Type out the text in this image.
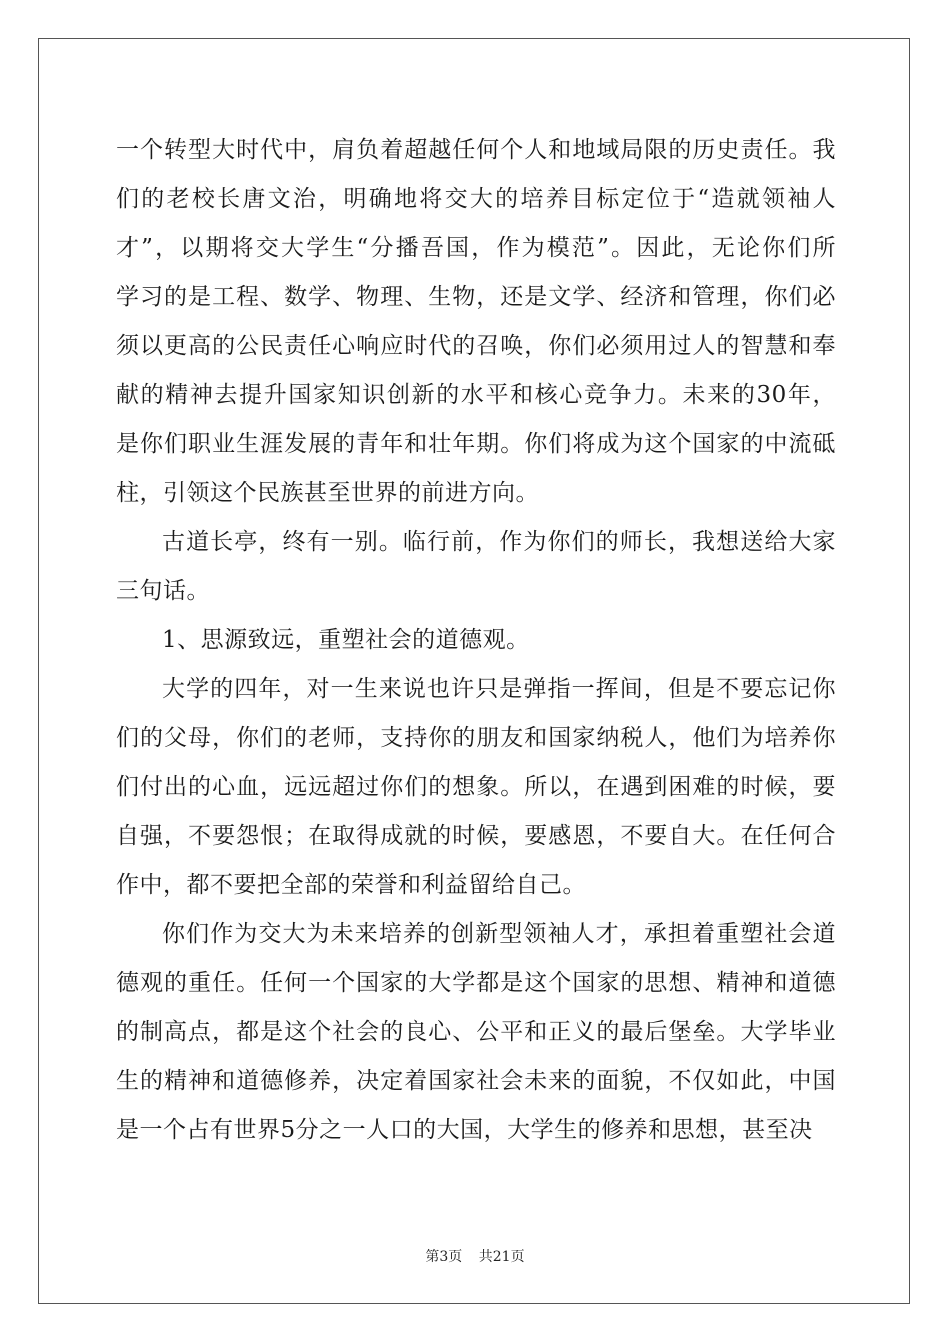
一个转型大时代中，肩负着超越任何个人和地域局限的历史责任。我
们的老校长唐文治，明确地将交大的培养目标定位于“造就领袖人
才”，以期将交大学生“分播吾国，作为模范”。因此，无论你们所
学习的是工程、数学、物理、生物，还是文学、经济和管理，你们必
须以更高的公民责任心响应时代的召唤，你们必须用过人的智慧和奉
献的精神去提升国家知识创新的水平和核心竞争力。未来的30年，
是你们职业生涯发展的青年和壮年期。你们将成为这个国家的中流砥
柱，引领这个民族甚至世界的前进方向。
古道长亭，终有一别。临行前，作为你们的师长，我想送给大家
三句话。
1、思源致远，重塑社会的道德观。
大学的四年，对一生来说也许只是弹指一挥间，但是不要忘记你
们的父母，你们的老师，支持你的朋友和国家纳税人，他们为培养你
们付出的心血，远远超过你们的想象。所以，在遇到困难的时候，要
自强，不要怨恨；在取得成就的时候，要感恩，不要自大。在任何合
作中，都不要把全部的荣誉和利益留给自己。
你们作为交大为未来培养的创新型领袖人才，承担着重塑社会道
德观的重任。任何一个国家的大学都是这个国家的思想、精神和道德
的制高点，都是这个社会的良心、公平和正义的最后堡垒。大学毕业
生的精神和道德修养，决定着国家社会未来的面貌，不仅如此，中国
是一个占有世界5分之一人口的大国，大学生的修养和思想，甚至决
第3页 共21页
